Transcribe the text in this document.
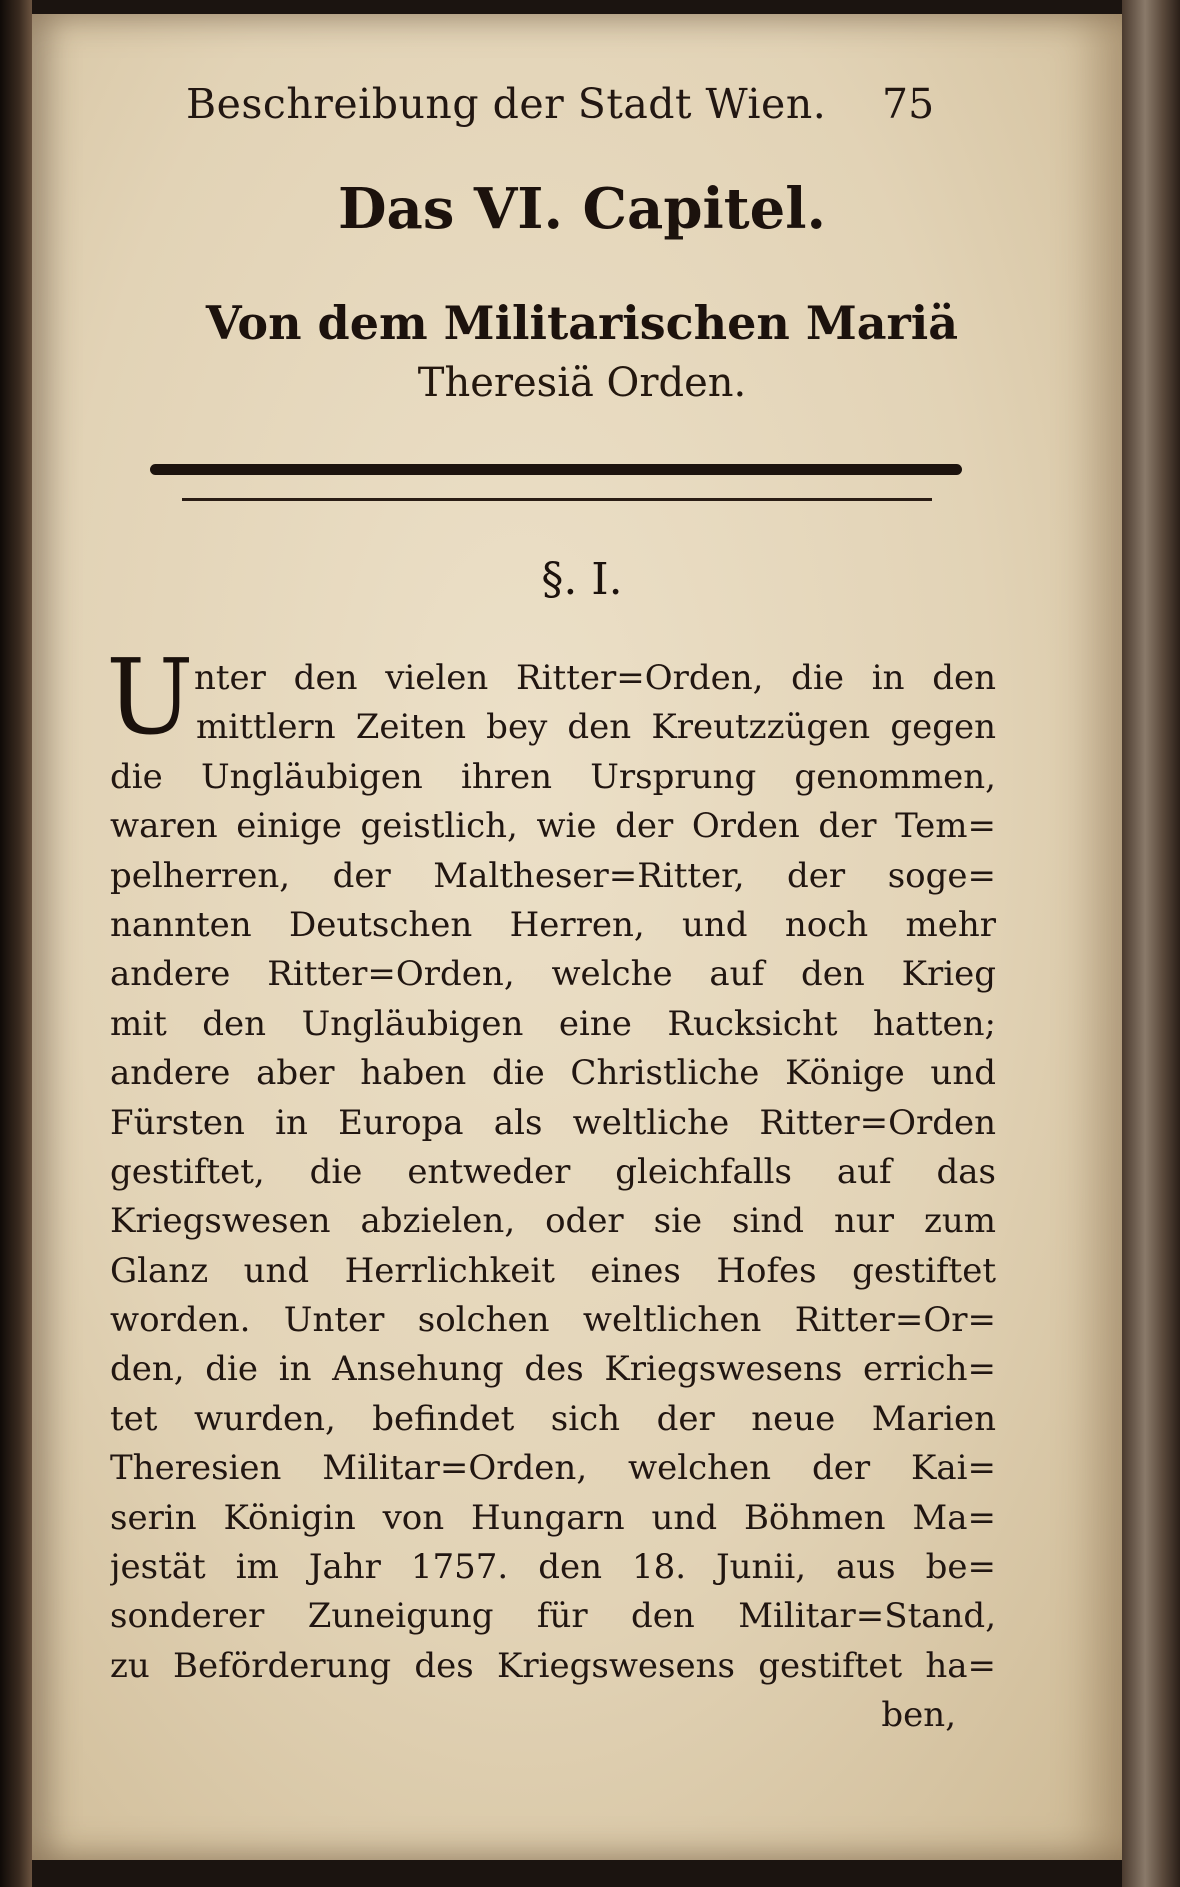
Beschreibung der Stadt Wien. 75
Das VI. Capitel.
Von dem Militarischen Mariä
Theresiä Orden.
§. I.
U nter den vielen Ritter=Orden, die in den
mittlern Zeiten bey den Kreutzzügen gegen
die Ungläubigen ihren Ursprung genommen,
waren einige geistlich, wie der Orden der Tem=
pelherren, der Maltheser=Ritter, der soge=
nannten Deutschen Herren, und noch mehr
andere Ritter=Orden, welche auf den Krieg
mit den Ungläubigen eine Rucksicht hatten;
andere aber haben die Christliche Könige und
Fürsten in Europa als weltliche Ritter=Orden
gestiftet, die entweder gleichfalls auf das
Kriegswesen abzielen, oder sie sind nur zum
Glanz und Herrlichkeit eines Hofes gestiftet
worden. Unter solchen weltlichen Ritter=Or=
den, die in Ansehung des Kriegswesens errich=
tet wurden, befindet sich der neue Marien
Theresien Militar=Orden, welchen der Kai=
serin Königin von Hungarn und Böhmen Ma=
jestät im Jahr 1757. den 18. Junii, aus be=
sonderer Zuneigung für den Militar=Stand,
zu Beförderung des Kriegswesens gestiftet ha=
ben,
